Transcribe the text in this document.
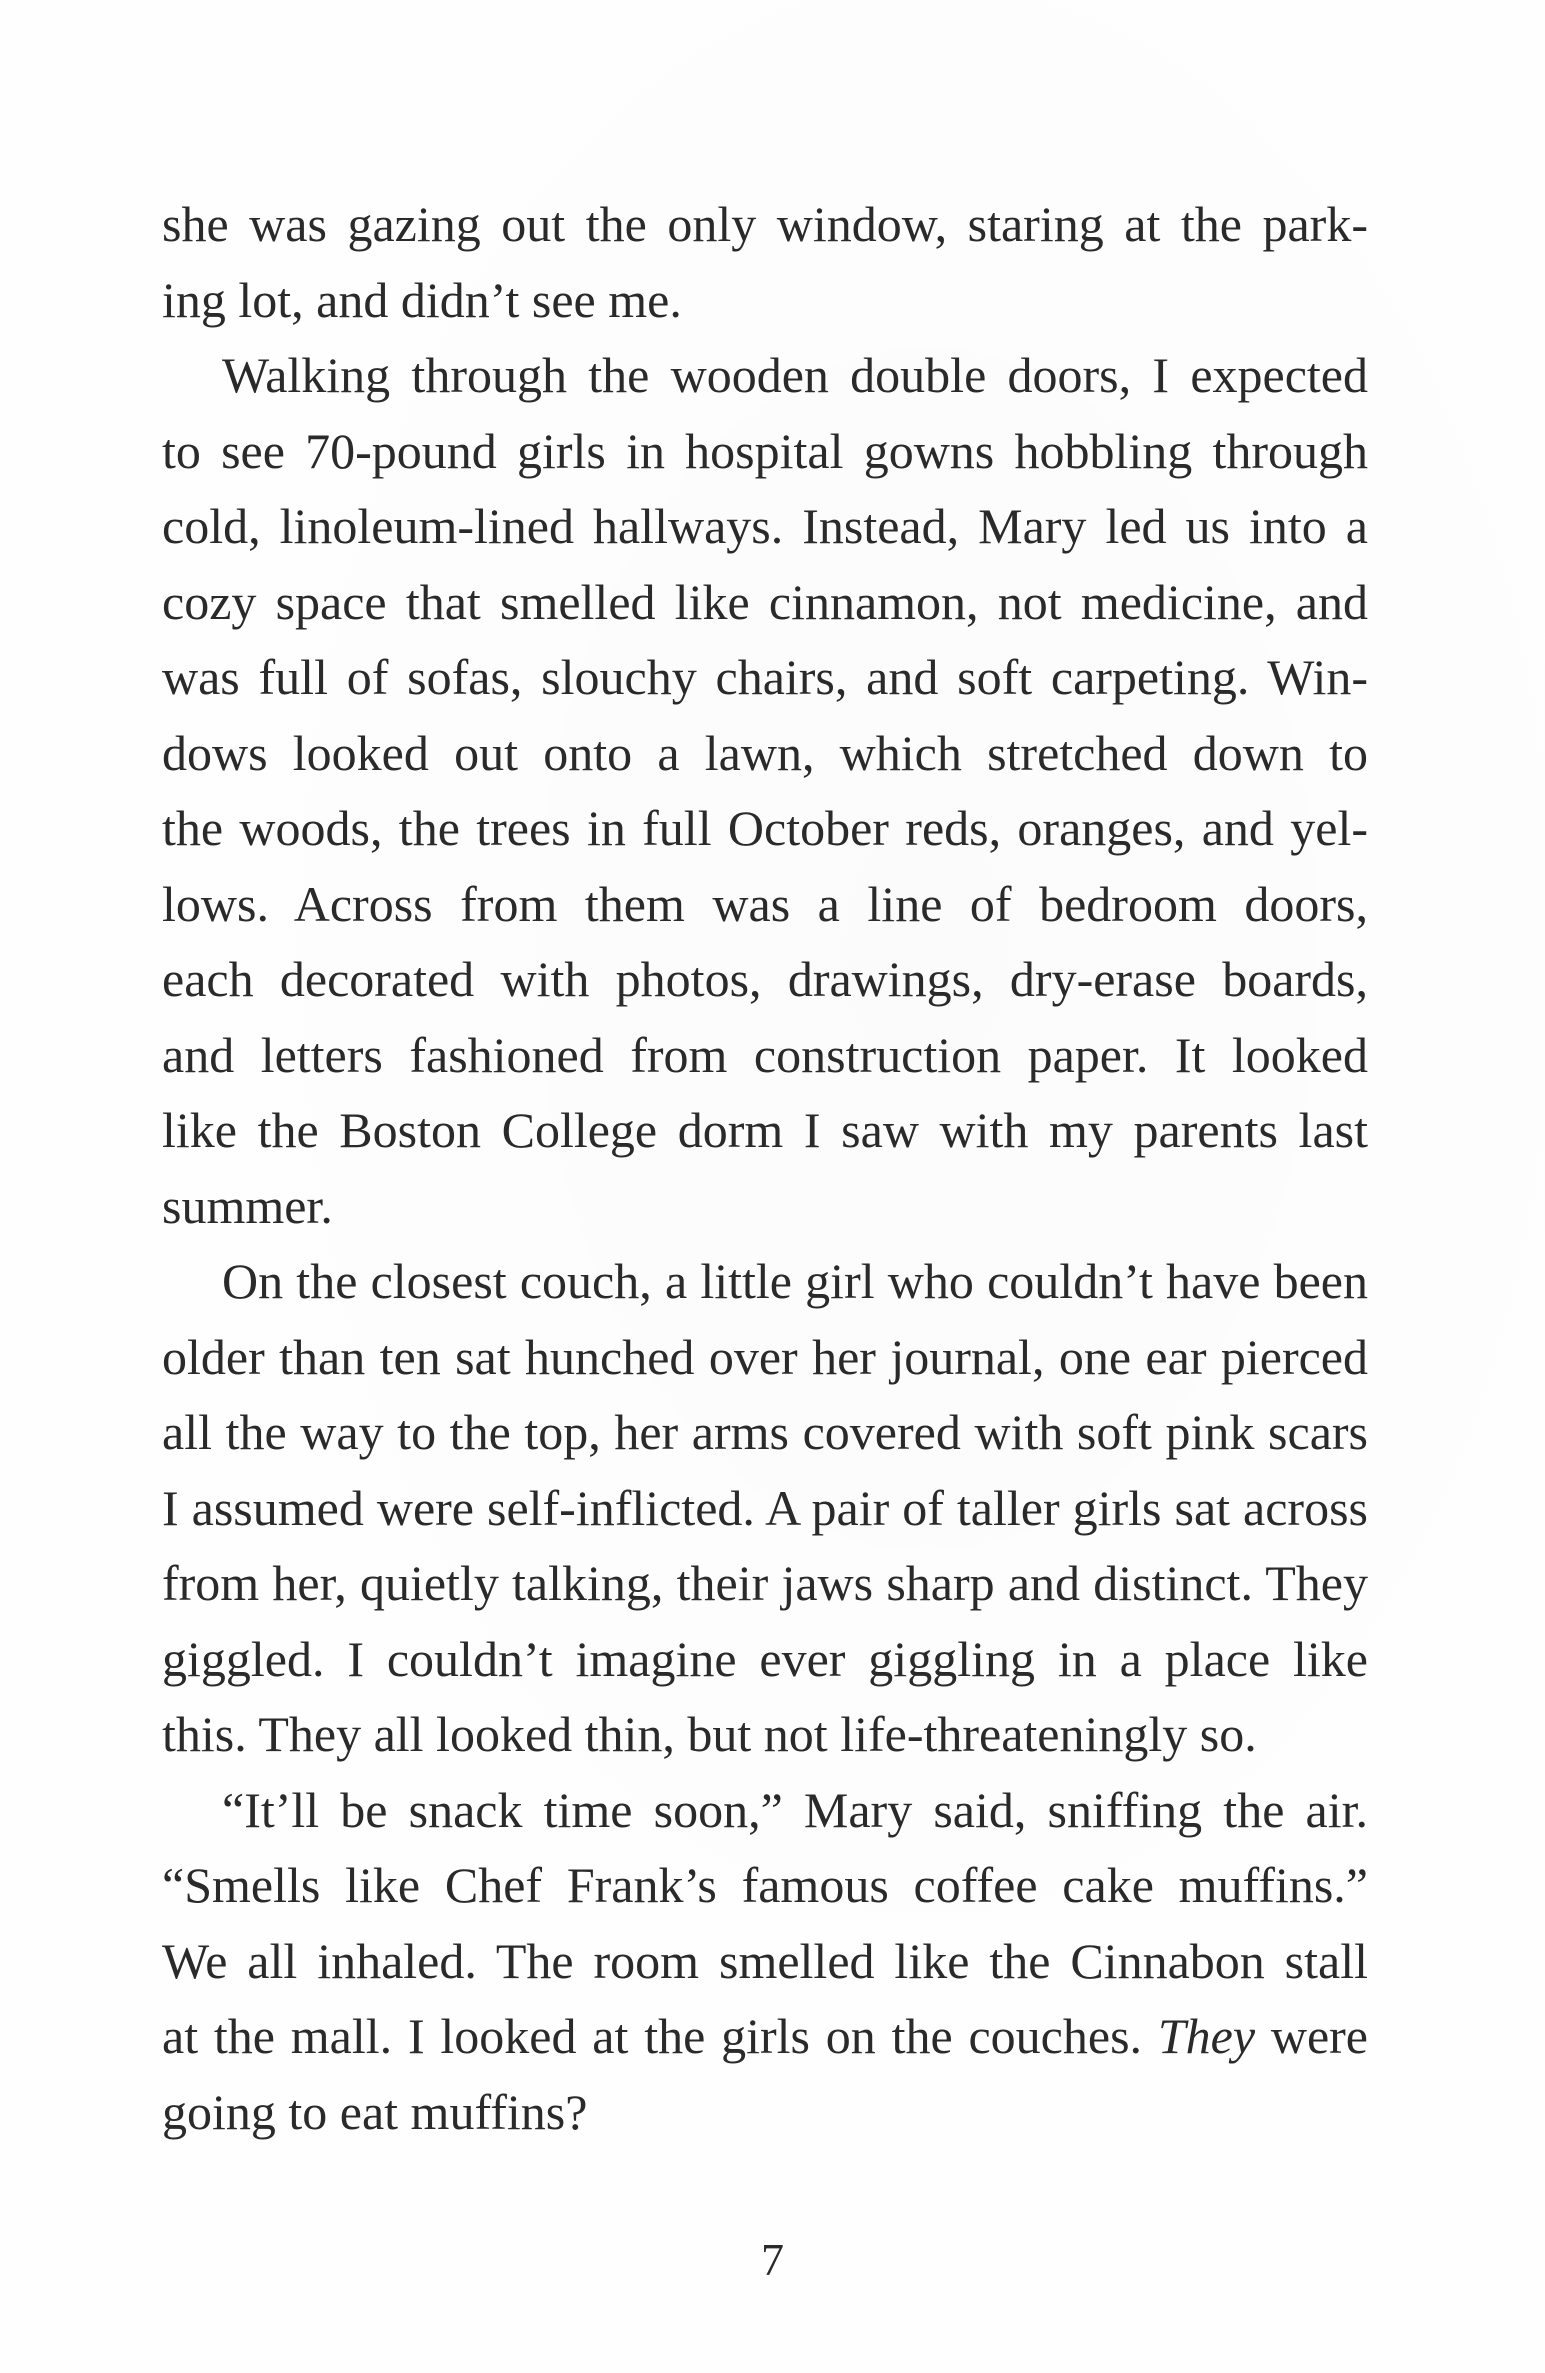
she was gazing out the only window, staring at the park-
ing lot, and didn’t see me.
Walking through the wooden double doors, I expected
to see 70-pound girls in hospital gowns hobbling through
cold, linoleum-lined hallways. Instead, Mary led us into a
cozy space that smelled like cinnamon, not medicine, and
was full of sofas, slouchy chairs, and soft carpeting. Win-
dows looked out onto a lawn, which stretched down to
the woods, the trees in full October reds, oranges, and yel-
lows. Across from them was a line of bedroom doors,
each decorated with photos, drawings, dry-erase boards,
and letters fashioned from construction paper. It looked
like the Boston College dorm I saw with my parents last
summer.
On the closest couch, a little girl who couldn’t have been
older than ten sat hunched over her journal, one ear pierced
all the way to the top, her arms covered with soft pink scars
I assumed were self-inflicted. A pair of taller girls sat across
from her, quietly talking, their jaws sharp and distinct. They
giggled. I couldn’t imagine ever giggling in a place like
this. They all looked thin, but not life-threateningly so.
“It’ll be snack time soon,” Mary said, sniffing the air.
“Smells like Chef Frank’s famous coffee cake muffins.”
We all inhaled. The room smelled like the Cinnabon stall
at the mall. I looked at the girls on the couches. They were
going to eat muffins?
7
